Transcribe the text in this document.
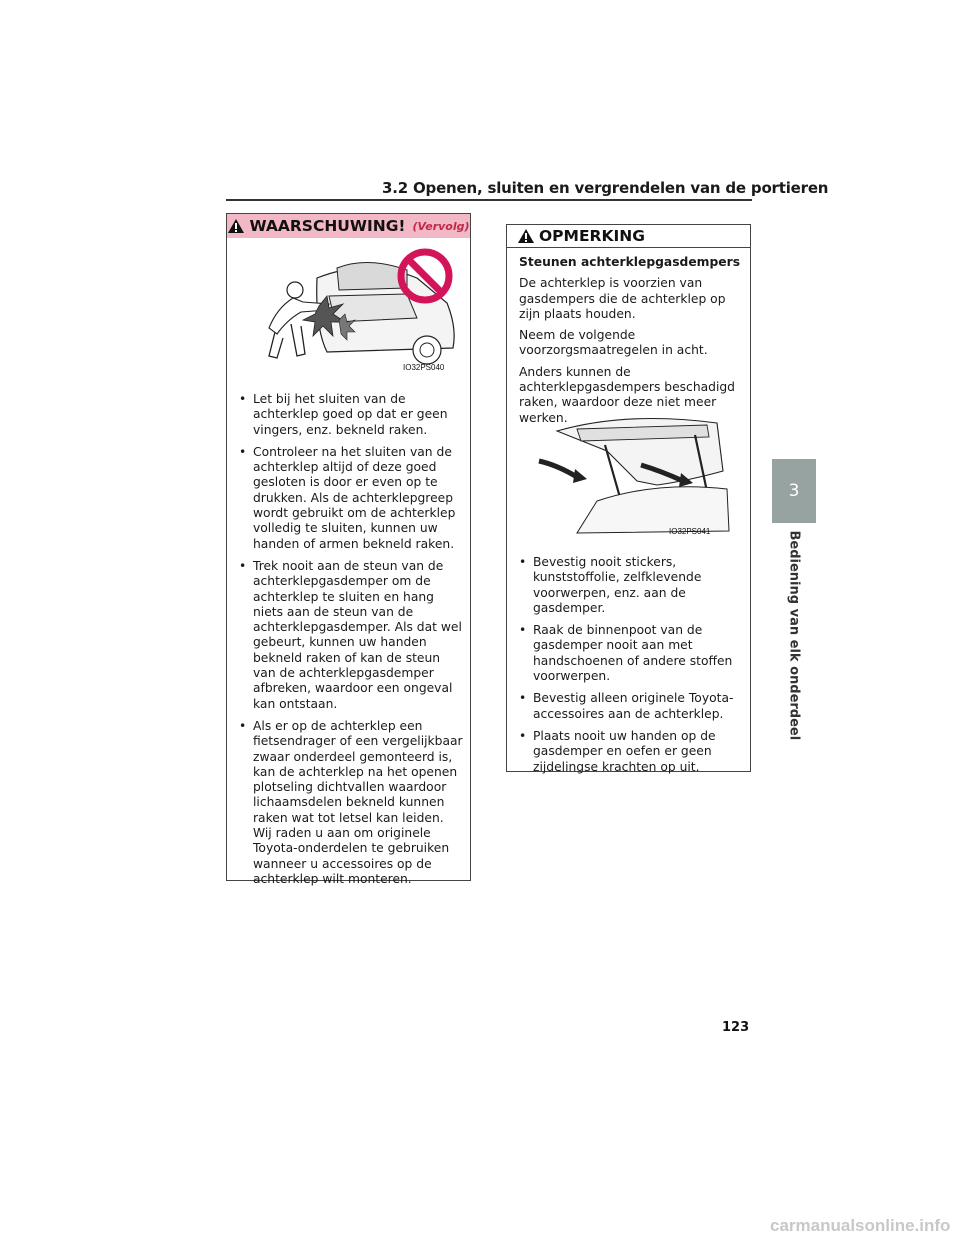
3.2 Openen, sluiten en vergrendelen van de portieren
WAARSCHUWING! (Vervolg)
IO32PS040
• Let bij het sluiten van de achterklep goed op dat er geen vingers, enz. bekneld raken.
• Controleer na het sluiten van de achterklep altijd of deze goed gesloten is door er even op te drukken. Als de achterklepgreep wordt gebruikt om de achterklep volledig te sluiten, kunnen uw handen of armen bekneld raken.
• Trek nooit aan de steun van de achterklepgasdemper om de achterklep te sluiten en hang niets aan de steun van de achterklepgasdemper. Als dat wel gebeurt, kunnen uw handen bekneld raken of kan de steun van de achterklepgasdemper afbreken, waardoor een ongeval kan ontstaan.
• Als er op de achterklep een fietsendrager of een vergelijkbaar zwaar onderdeel gemonteerd is, kan de achterklep na het openen plotseling dichtvallen waardoor lichaamsdelen bekneld kunnen raken wat tot letsel kan leiden. Wij raden u aan om originele Toyota-onderdelen te gebruiken wanneer u accessoires op de achterklep wilt monteren.
OPMERKING

Steunen achterklepgasdempers

De achterklep is voorzien van gasdempers die de achterklep op zijn plaats houden.

Neem de volgende voorzorgsmaatregelen in acht.

Anders kunnen de achterklepgasdempers beschadigd raken, waardoor deze niet meer werken.

IO32PS041
• Bevestig nooit stickers, kunststoffolie, zelfklevende voorwerpen, enz. aan de gasdemper.
• Raak de binnenpoot van de gasdemper nooit aan met handschoenen of andere stoffen voorwerpen.
• Bevestig alleen originele Toyota-accessoires aan de achterklep.
• Plaats nooit uw handen op de gasdemper en oefen er geen zijdelingse krachten op uit.
3
Bediening van elk onderdeel
123
carmanualsonline.info
